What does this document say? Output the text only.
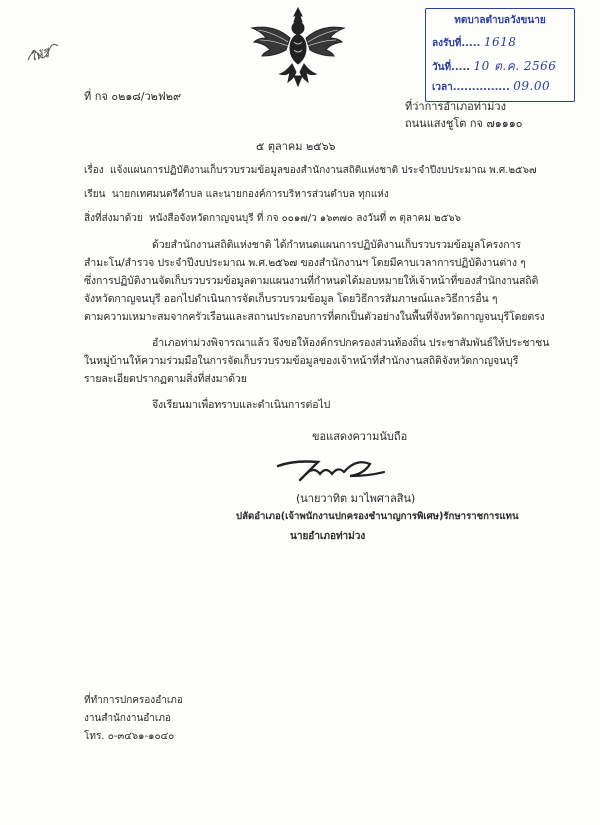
ให้วี
ทตบาลตำบลวังขนาย
ลงรับที่..... 1618
วันที่..... 10 ต.ค. 2566
เวลา............... 09.00
ที่ กจ ๐๒๑๘/ว๒ฟ๒๙
ที่ว่าการอำเภอท่าม่วง
ถนนแสงชูโต กจ ๗๑๑๑๐
๕ ตุลาคม ๒๕๖๖
เรื่อง แจ้งแผนการปฏิบัติงานเก็บรวบรวมข้อมูลของสำนักงานสถิติแห่งชาติ ประจำปีงบประมาณ พ.ศ.๒๕๖๗
เรียน นายกเทศมนตรีตำบล และนายกองค์การบริหารส่วนตำบล ทุกแห่ง
สิ่งที่ส่งมาด้วย หนังสือจังหวัดกาญจนบุรี ที่ กจ ๐๐๑๗/ว ๑๖๓๗๐ ลงวันที่ ๓ ตุลาคม ๒๕๖๖
ด้วยสำนักงานสถิติแห่งชาติ ได้กำหนดแผนการปฏิบัติงานเก็บรวบรวมข้อมูลโครงการ
สำมะโน/สำรวจ ประจำปีงบประมาณ พ.ศ.๒๕๖๗ ของสำนักงานฯ โดยมีคาบเวลาการปฏิบัติงานต่าง ๆ
ซึ่งการปฏิบัติงานจัดเก็บรวบรวมข้อมูลตามแผนงานที่กำหนดได้มอบหมายให้เจ้าหน้าที่ของสำนักงานสถิติ
จังหวัดกาญจนบุรี ออกไปดำเนินการจัดเก็บรวบรวมข้อมูล โดยวิธีการสัมภาษณ์และวิธีการอื่น ๆ
ตามความเหมาะสมจากครัวเรือนและสถานประกอบการที่ตกเป็นตัวอย่างในพื้นที่จังหวัดกาญจนบุรีโดยตรง
อำเภอท่าม่วงพิจารณาแล้ว จึงขอให้องค์กรปกครองส่วนท้องถิ่น ประชาสัมพันธ์ให้ประชาชน
ในหมู่บ้านให้ความร่วมมือในการจัดเก็บรวบรวมข้อมูลของเจ้าหน้าที่สำนักงานสถิติจังหวัดกาญจนบุรี
รายละเอียดปรากฏตามสิ่งที่ส่งมาด้วย
จึงเรียนมาเพื่อทราบและดำเนินการต่อไป
ขอแสดงความนับถือ
(นายวาทิต มาไพศาลสิน)
ปลัดอำเภอ(เจ้าพนักงานปกครองชำนาญการพิเศษ)รักษาราชการแทน
นายอำเภอท่าม่วง
ที่ทำการปกครองอำเภอ
งานสำนักงานอำเภอ
โทร. ๐-๓๔๖๑-๑๐๔๐
